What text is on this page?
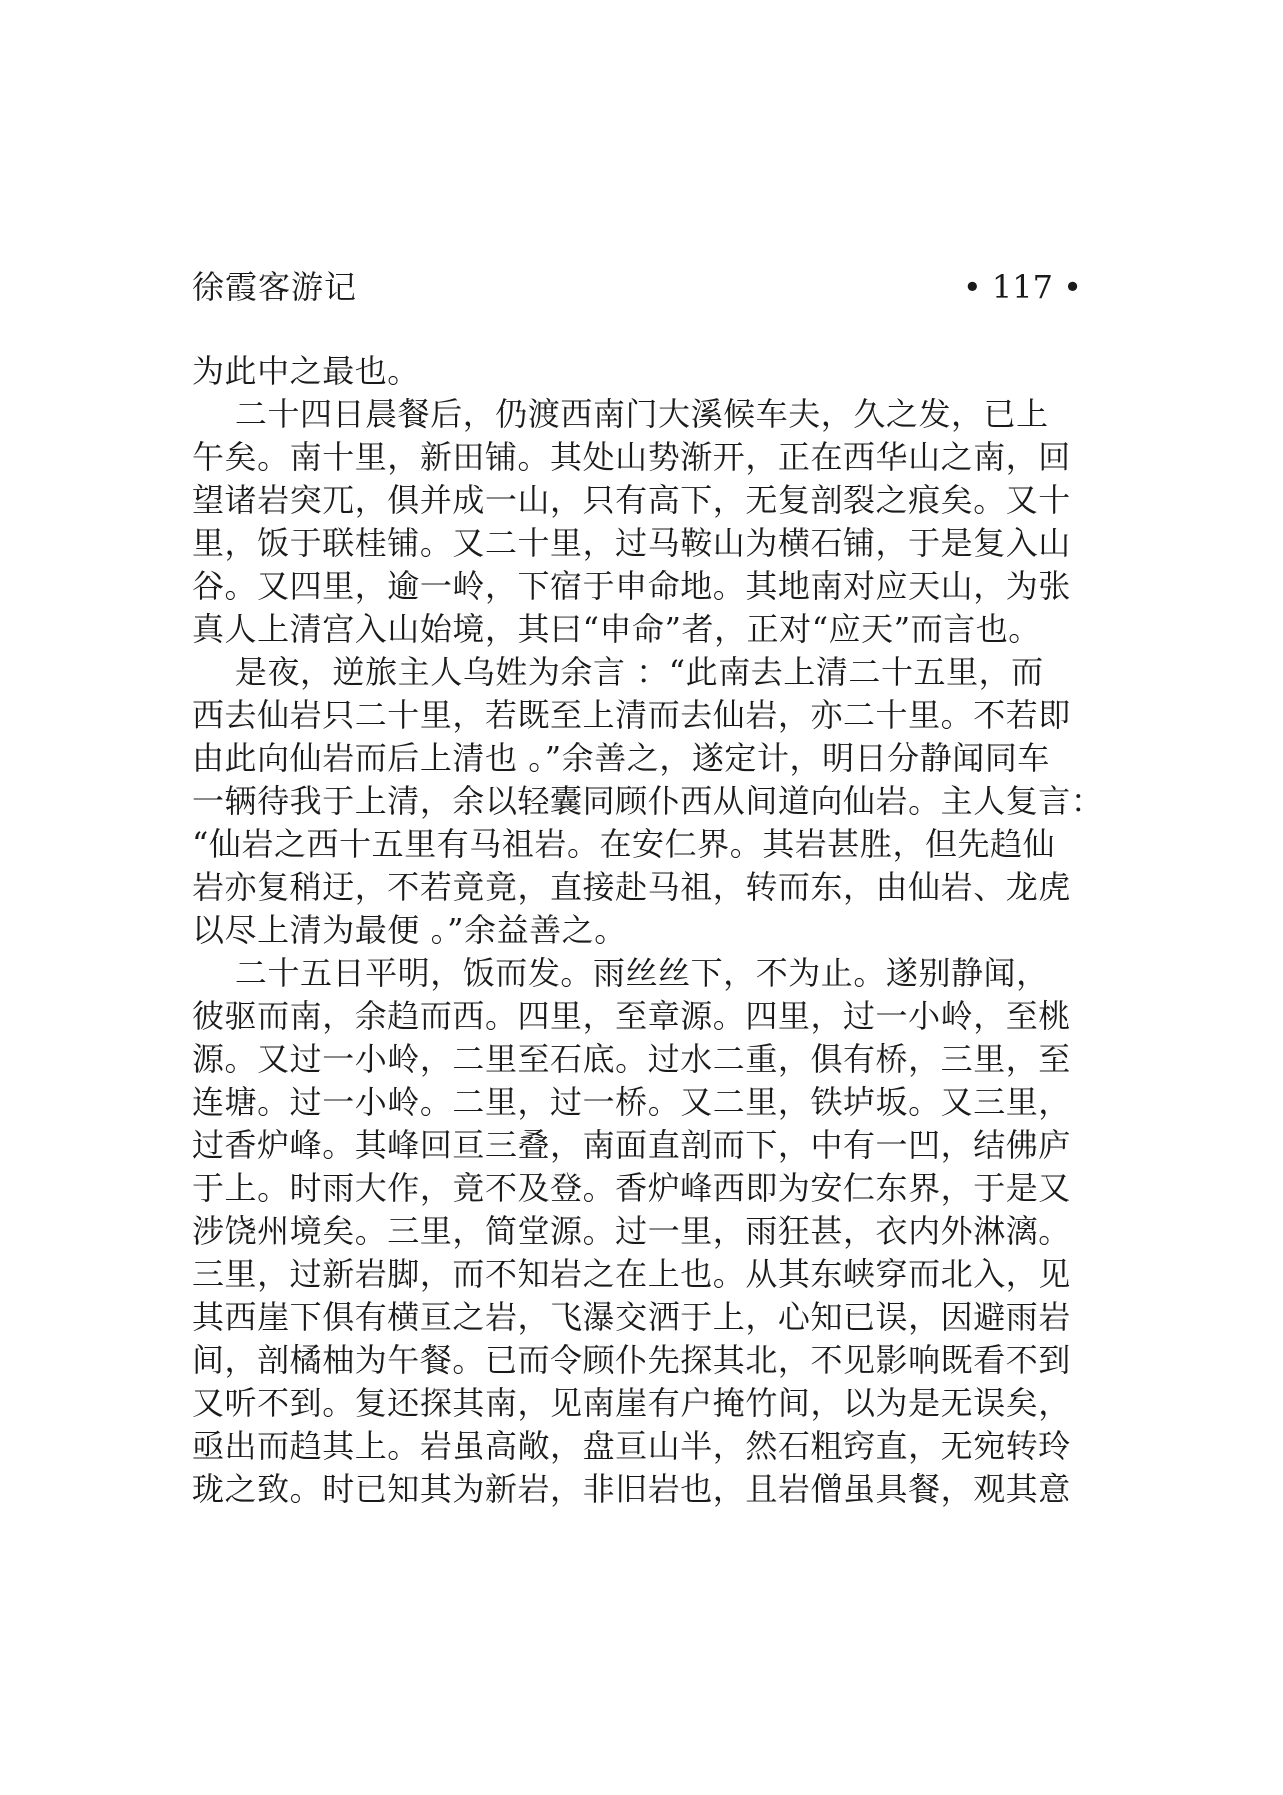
徐霞客游记	• 117 •
为此中之最也。
二十四日晨餐后，仍渡西南门大溪候车夫，久之发，已上
午矣。南十里，新田铺。其处山势渐开，正在西华山之南，回
望诸岩突兀，俱并成一山，只有高下，无复剖裂之痕矣。又十
里，饭于联桂铺。又二十里，过马鞍山为横石铺，于是复入山
谷。又四里，逾一岭，下宿于申命地。其地南对应天山，为张
真人上清宫入山始境，其曰“申命”者，正对“应天”而言也。
是夜，逆旅主人乌姓为余言 ：“此南去上清二十五里，而
西去仙岩只二十里，若既至上清而去仙岩，亦二十里。不若即
由此向仙岩而后上清也 。”余善之，遂定计，明日分静闻同车
一辆待我于上清，余以轻囊同顾仆西从间道向仙岩。主人复言：
“仙岩之西十五里有马祖岩。在安仁界。其岩甚胜，但先趋仙
岩亦复稍迂，不若竟竟，直接赴马祖，转而东，由仙岩、龙虎
以尽上清为最便 。”余益善之。
二十五日平明，饭而发。雨丝丝下，不为止。遂别静闻，
彼驱而南，余趋而西。四里，至章源。四里，过一小岭，至桃
源。又过一小岭，二里至石底。过水二重，俱有桥，三里，至
连塘。过一小岭。二里，过一桥。又二里，铁垆坂。又三里，
过香炉峰。其峰回亘三叠，南面直剖而下，中有一凹，结佛庐
于上。时雨大作，竟不及登。香炉峰西即为安仁东界，于是又
涉饶州境矣。三里，简堂源。过一里，雨狂甚，衣内外淋漓。
三里，过新岩脚，而不知岩之在上也。从其东峡穿而北入，见
其西崖下俱有横亘之岩，飞瀑交洒于上，心知已误，因避雨岩
间，剖橘柚为午餐。已而令顾仆先探其北，不见影响既看不到
又听不到。复还探其南，见南崖有户掩竹间，以为是无误矣，
亟出而趋其上。岩虽高敞，盘亘山半，然石粗窍直，无宛转玲
珑之致。时已知其为新岩，非旧岩也，且岩僧虽具餐，观其意
